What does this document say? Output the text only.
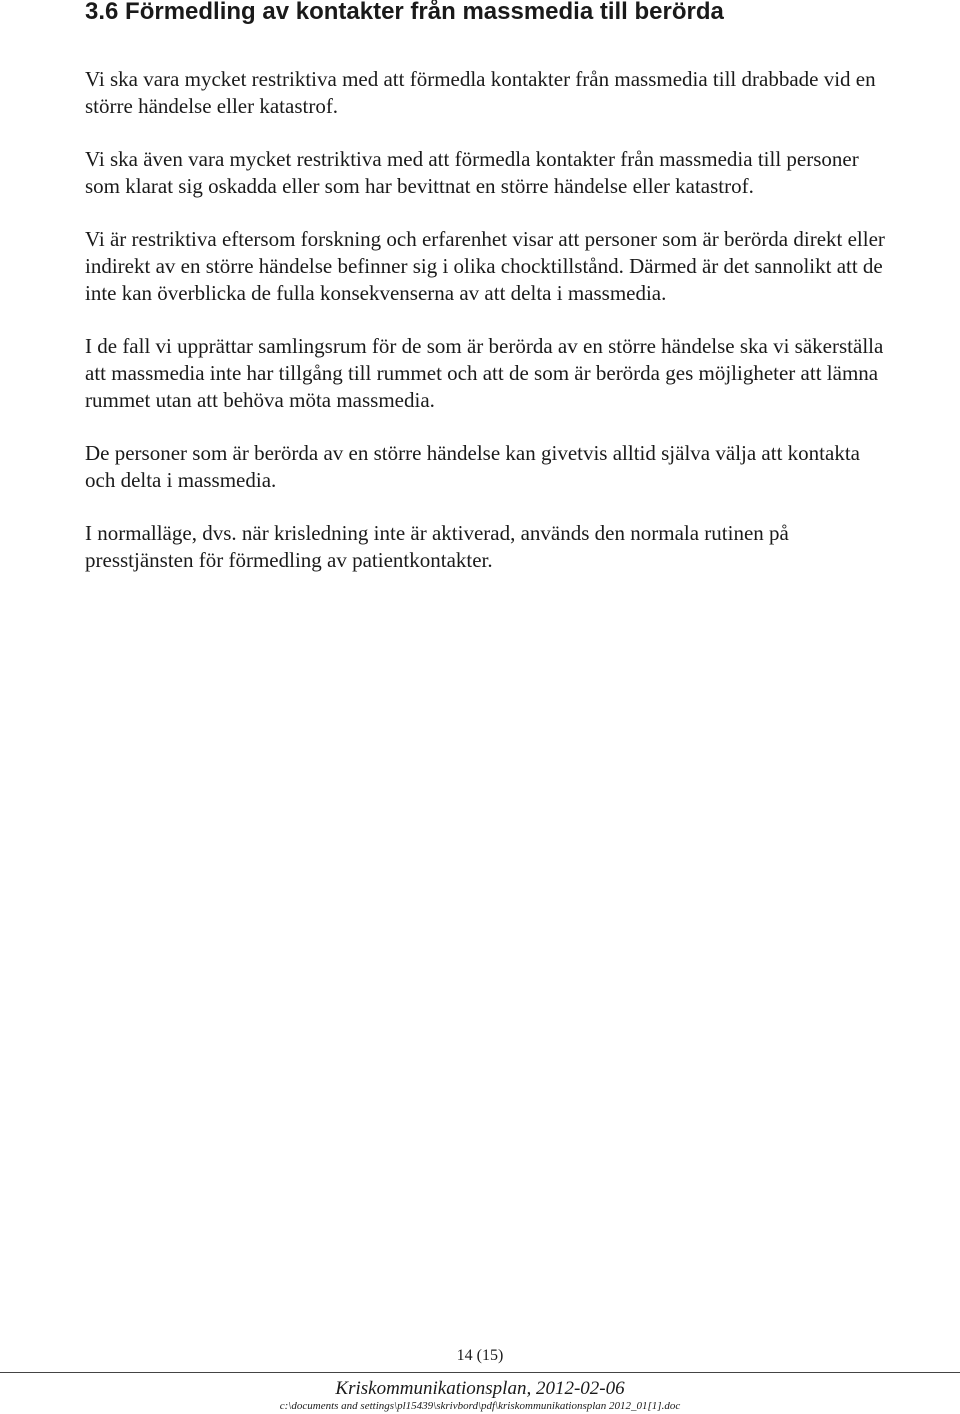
3.6 Förmedling av kontakter från massmedia till berörda

Vi ska vara mycket restriktiva med att förmedla kontakter från massmedia till drabbade vid en större händelse eller katastrof.

Vi ska även vara mycket restriktiva med att förmedla kontakter från massmedia till personer som klarat sig oskadda eller som har bevittnat en större händelse eller katastrof.

Vi är restriktiva eftersom forskning och erfarenhet visar att personer som är berörda direkt eller indirekt av en större händelse befinner sig i olika chocktillstånd. Därmed är det sannolikt att de inte kan överblicka de fulla konsekvenserna av att delta i massmedia.

I de fall vi upprättar samlingsrum för de som är berörda av en större händelse ska vi säkerställa att massmedia inte har tillgång till rummet och att de som är berörda ges möjligheter att lämna rummet utan att behöva möta massmedia.

De personer som är berörda av en större händelse kan givetvis alltid själva välja att kontakta och delta i massmedia.

I normalläge, dvs. när krisledning inte är aktiverad, används den normala rutinen på presstjänsten för förmedling av patientkontakter.

14 (15)
Kriskommunikationsplan, 2012-02-06
c:\documents and settings\pl15439\skrivbord\pdf\kriskommunikationsplan 2012_01[1].doc
